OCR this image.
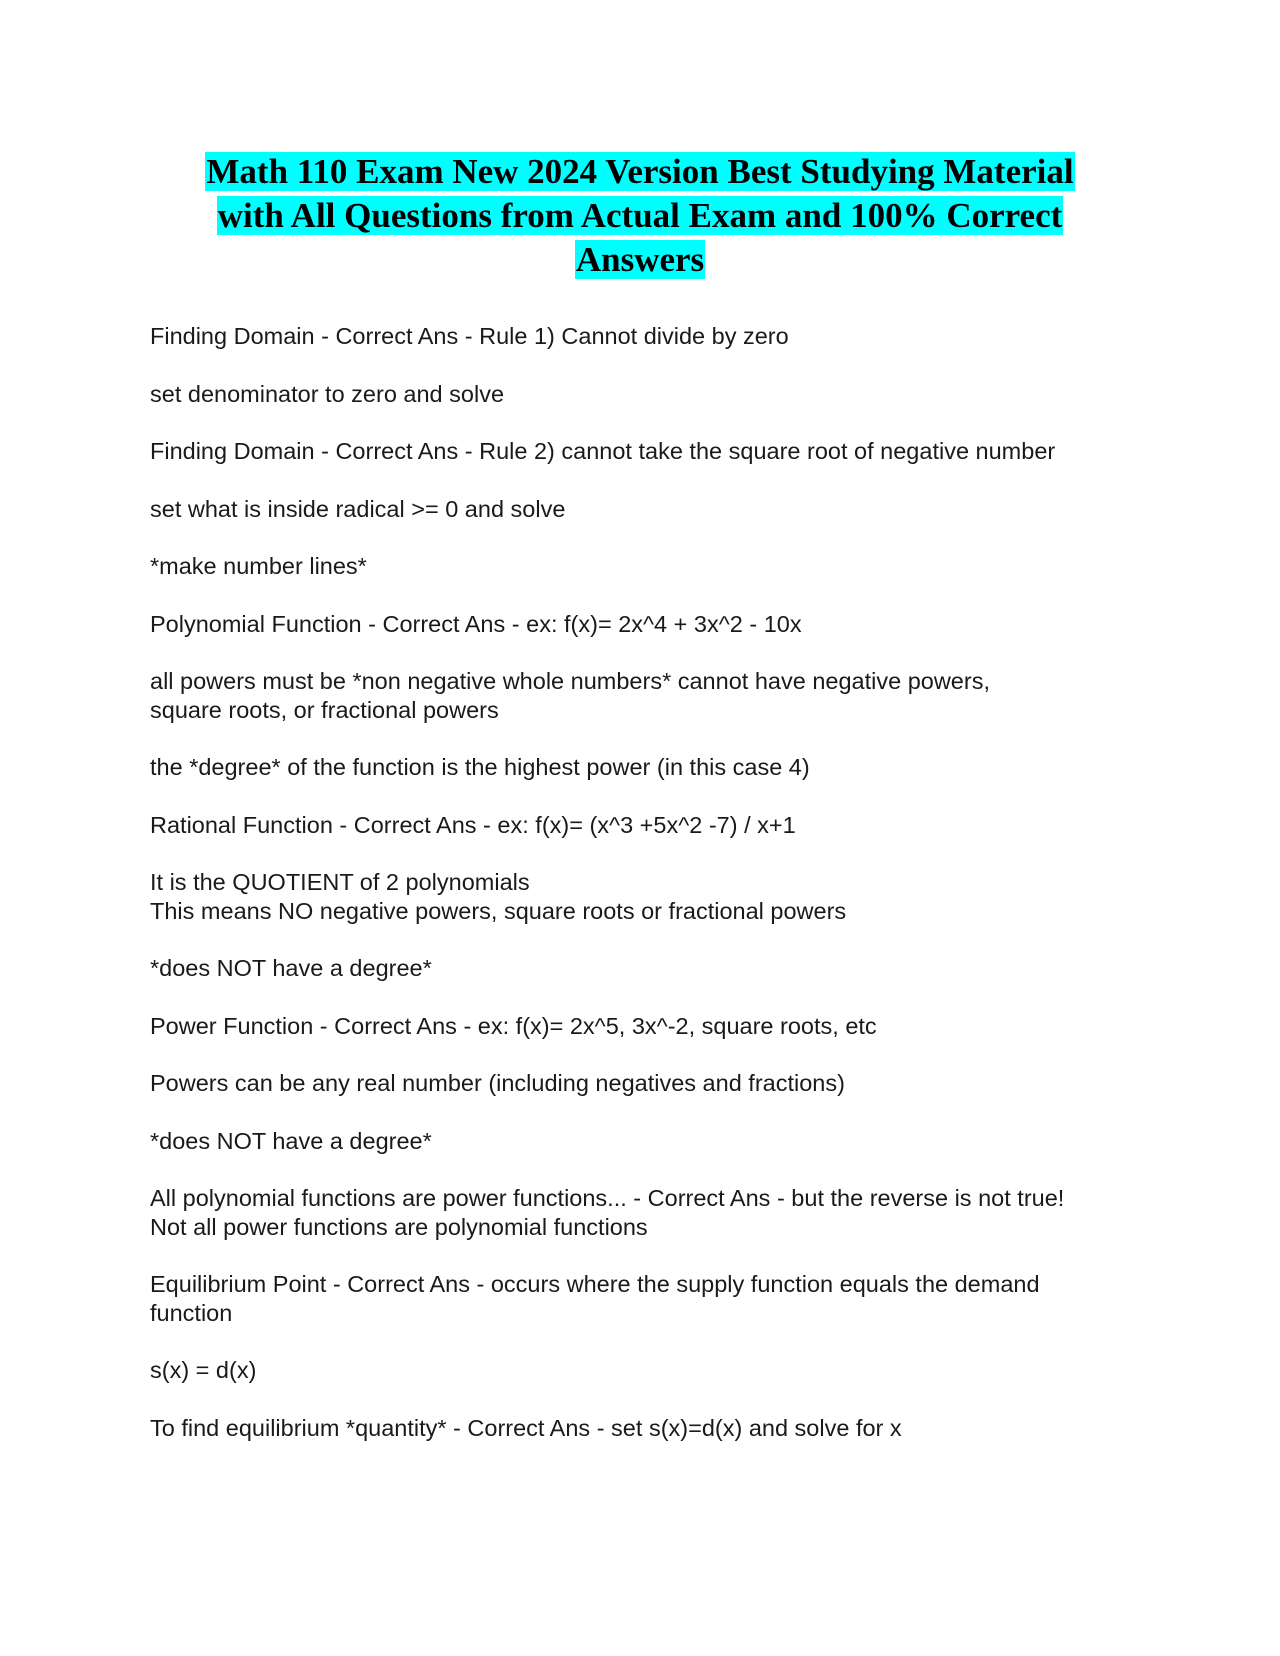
Math 110 Exam New 2024 Version Best Studying Material
with All Questions from Actual Exam and 100% Correct
Answers

Finding Domain - Correct Ans - Rule 1) Cannot divide by zero

set denominator to zero and solve

Finding Domain - Correct Ans - Rule 2) cannot take the square root of negative number

set what is inside radical >= 0 and solve

*make number lines*

Polynomial Function - Correct Ans - ex: f(x)= 2x^4 + 3x^2 - 10x

all powers must be *non negative whole numbers* cannot have negative powers,
square roots, or fractional powers

the *degree* of the function is the highest power (in this case 4)

Rational Function - Correct Ans - ex: f(x)= (x^3 +5x^2 -7) / x+1

It is the QUOTIENT of 2 polynomials
This means NO negative powers, square roots or fractional powers

*does NOT have a degree*

Power Function - Correct Ans - ex: f(x)= 2x^5, 3x^-2, square roots, etc

Powers can be any real number (including negatives and fractions)

*does NOT have a degree*

All polynomial functions are power functions... - Correct Ans - but the reverse is not true!
Not all power functions are polynomial functions

Equilibrium Point - Correct Ans - occurs where the supply function equals the demand
function

s(x) = d(x)

To find equilibrium *quantity* - Correct Ans - set s(x)=d(x) and solve for x
